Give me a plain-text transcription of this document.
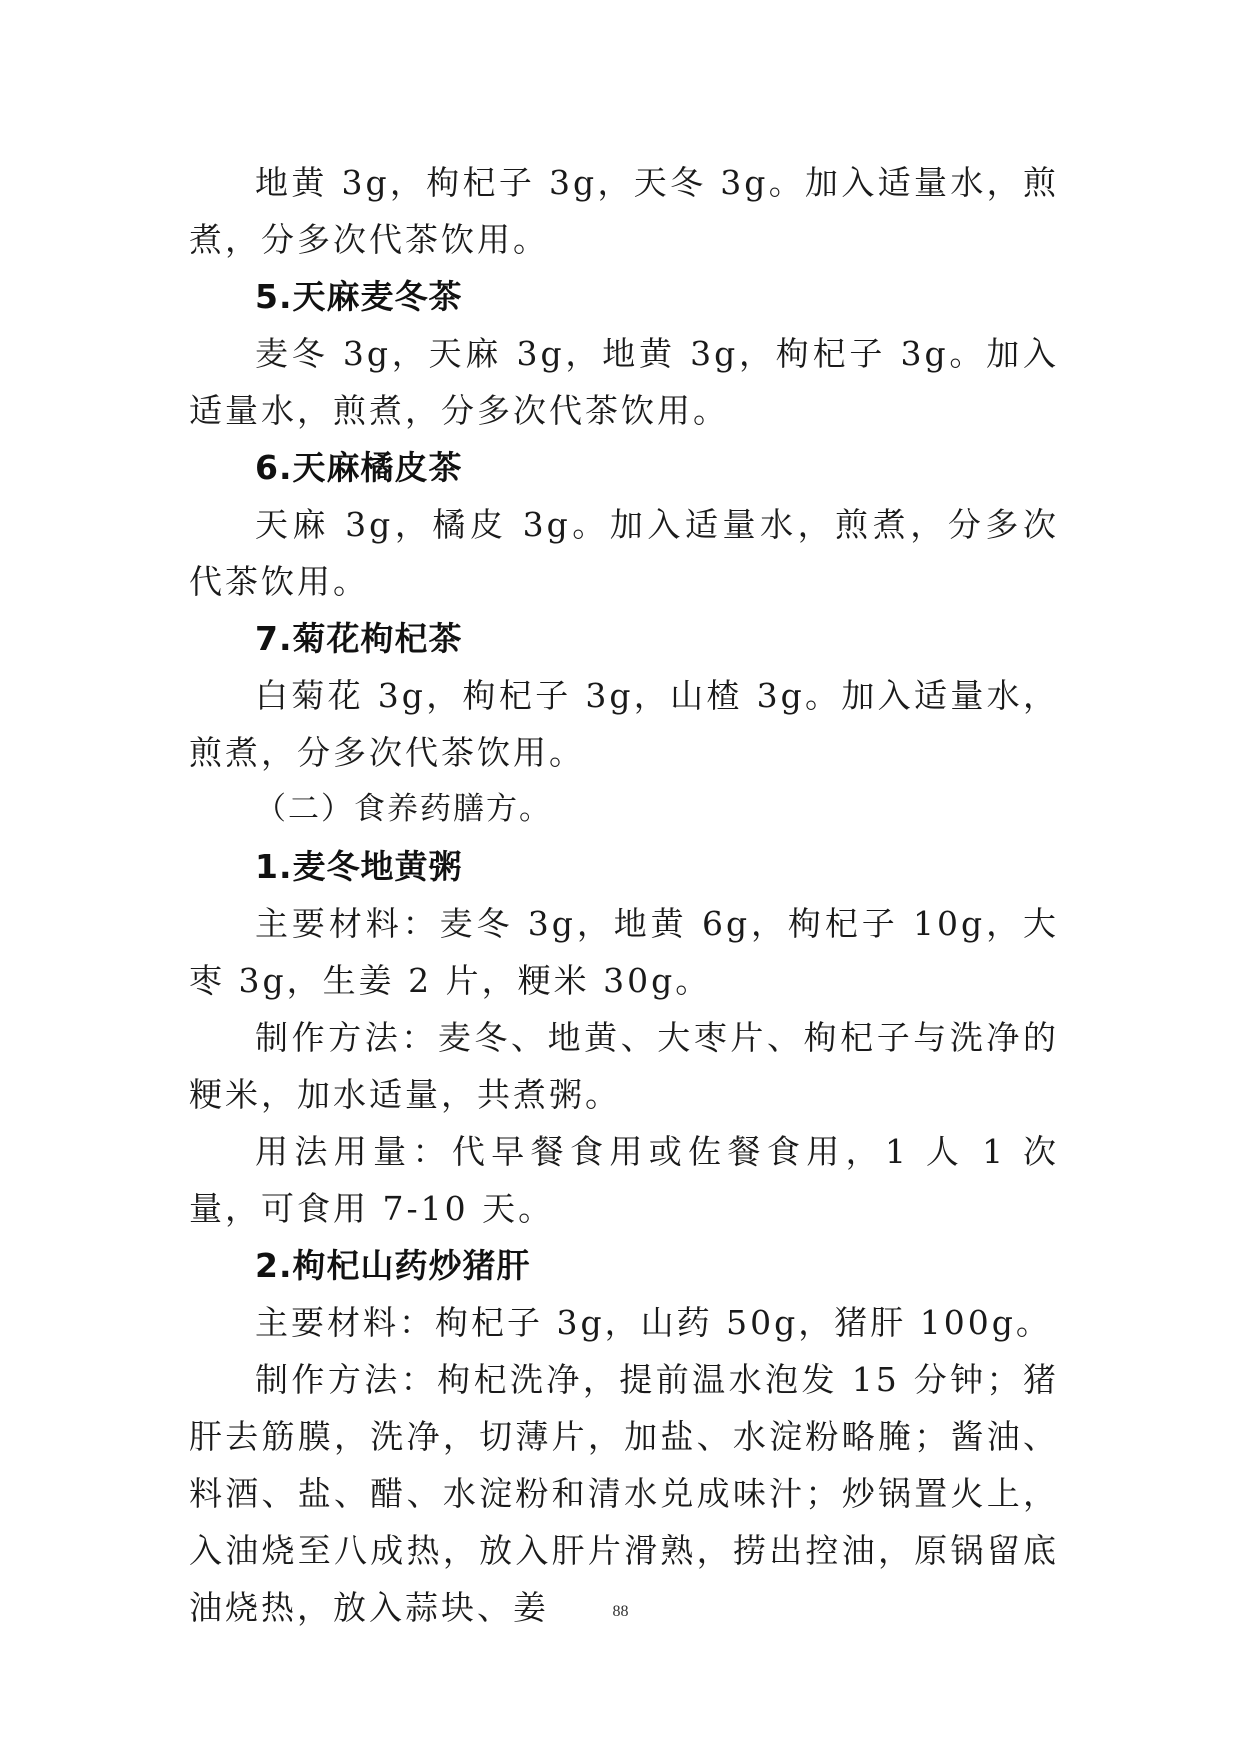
地黄 3g，枸杞子 3g，天冬 3g。加入适量水，煎煮，分多次代茶饮用。

5.天麻麦冬茶

麦冬 3g，天麻 3g，地黄 3g，枸杞子 3g。加入适量水，煎煮，分多次代茶饮用。

6.天麻橘皮茶

天麻 3g，橘皮 3g。加入适量水，煎煮，分多次代茶饮用。

7.菊花枸杞茶

白菊花 3g，枸杞子 3g，山楂 3g。加入适量水，煎煮，分多次代茶饮用。

（二）食养药膳方。

1.麦冬地黄粥

主要材料：麦冬 3g，地黄 6g，枸杞子 10g，大枣 3g，生姜 2 片，粳米 30g。

制作方法：麦冬、地黄、大枣片、枸杞子与洗净的粳米，加水适量，共煮粥。

用法用量：代早餐食用或佐餐食用，1 人 1 次量，可食用 7-10 天。

2.枸杞山药炒猪肝

主要材料：枸杞子 3g，山药 50g，猪肝 100g。

制作方法：枸杞洗净，提前温水泡发 15 分钟；猪肝去筋膜，洗净，切薄片，加盐、水淀粉略腌；酱油、料酒、盐、醋、水淀粉和清水兑成味汁；炒锅置火上，入油烧至八成热，放入肝片滑熟，捞出控油，原锅留底油烧热，放入蒜块、姜	88
